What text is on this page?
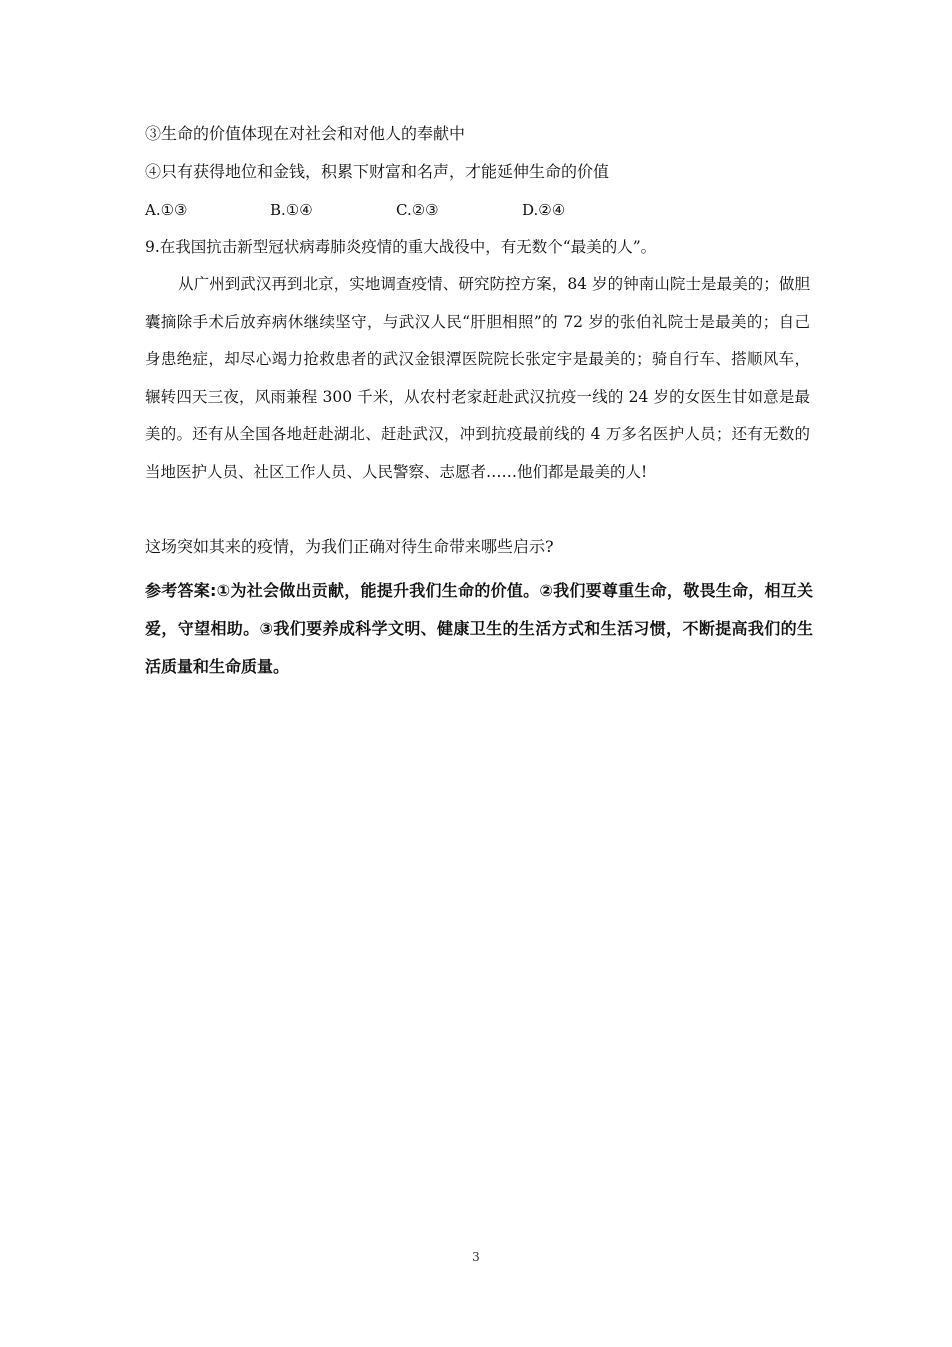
③生命的价值体现在对社会和对他人的奉献中
④只有获得地位和金钱，积累下财富和名声，才能延伸生命的价值
A.①③	B.①④	C.②③	D.②④
9.在我国抗击新型冠状病毒肺炎疫情的重大战役中，有无数个“最美的人”。

从广州到武汉再到北京，实地调查疫情、研究防控方案，84 岁的钟南山院士是最美的；做胆囊摘除手术后放弃病休继续坚守，与武汉人民“肝胆相照”的 72 岁的张伯礼院士是最美的；自己身患绝症，却尽心竭力抢救患者的武汉金银潭医院院长张定宇是最美的；骑自行车、搭顺风车，辗转四天三夜，风雨兼程 300 千米，从农村老家赶赴武汉抗疫一线的 24 岁的女医生甘如意是最美的。还有从全国各地赶赴湖北、赶赴武汉，冲到抗疫最前线的 4 万多名医护人员；还有无数的当地医护人员、社区工作人员、人民警察、志愿者……他们都是最美的人!

这场突如其来的疫情，为我们正确对待生命带来哪些启示?

参考答案:①为社会做出贡献，能提升我们生命的价值。②我们要尊重生命，敬畏生命，相互关爱，守望相助。③我们要养成科学文明、健康卫生的生活方式和生活习惯，不断提高我们的生活质量和生命质量。

3
